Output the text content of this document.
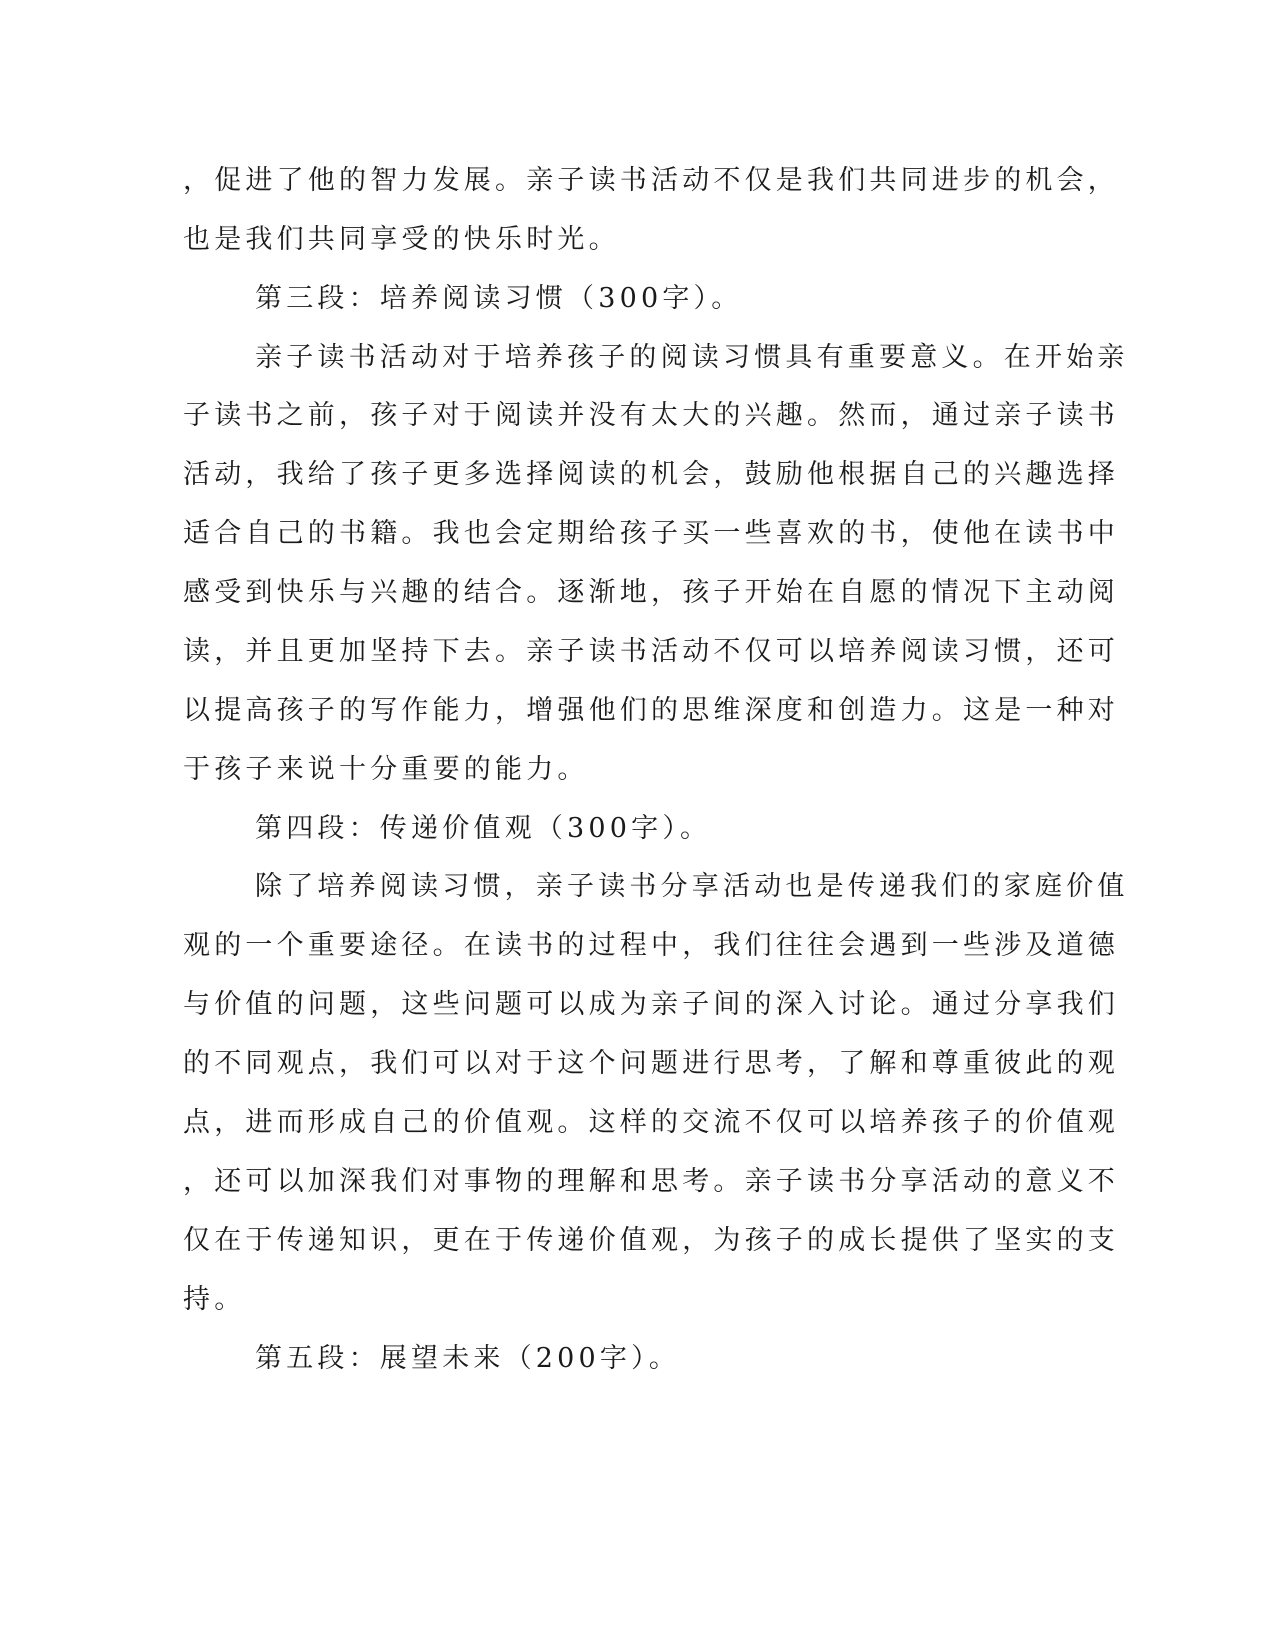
，促进了他的智力发展。亲子读书活动不仅是我们共同进步的机会，
也是我们共同享受的快乐时光。
第三段：培养阅读习惯（300字）。
亲子读书活动对于培养孩子的阅读习惯具有重要意义。在开始亲
子读书之前，孩子对于阅读并没有太大的兴趣。然而，通过亲子读书
活动，我给了孩子更多选择阅读的机会，鼓励他根据自己的兴趣选择
适合自己的书籍。我也会定期给孩子买一些喜欢的书，使他在读书中
感受到快乐与兴趣的结合。逐渐地，孩子开始在自愿的情况下主动阅
读，并且更加坚持下去。亲子读书活动不仅可以培养阅读习惯，还可
以提高孩子的写作能力，增强他们的思维深度和创造力。这是一种对
于孩子来说十分重要的能力。
第四段：传递价值观（300字）。
除了培养阅读习惯，亲子读书分享活动也是传递我们的家庭价值
观的一个重要途径。在读书的过程中，我们往往会遇到一些涉及道德
与价值的问题，这些问题可以成为亲子间的深入讨论。通过分享我们
的不同观点，我们可以对于这个问题进行思考，了解和尊重彼此的观
点，进而形成自己的价值观。这样的交流不仅可以培养孩子的价值观
，还可以加深我们对事物的理解和思考。亲子读书分享活动的意义不
仅在于传递知识，更在于传递价值观，为孩子的成长提供了坚实的支
持。
第五段：展望未来（200字）。
